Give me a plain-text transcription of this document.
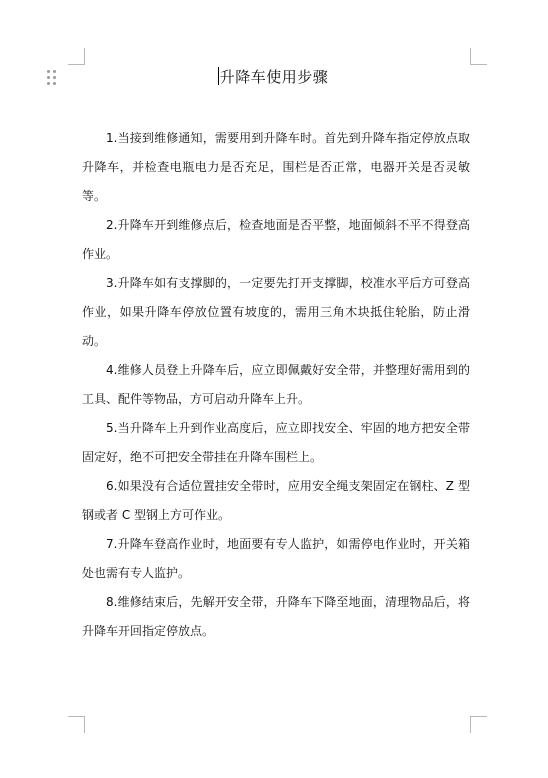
升降车使用步骤

1.当接到维修通知，需要用到升降车时。首先到升降车指定停放点取升降车，并检查电瓶电力是否充足，围栏是否正常，电器开关是否灵敏等。

2.升降车开到维修点后，检查地面是否平整，地面倾斜不平不得登高作业。

3.升降车如有支撑脚的，一定要先打开支撑脚，校准水平后方可登高作业，如果升降车停放位置有坡度的，需用三角木块抵住轮胎，防止滑动。

4.维修人员登上升降车后，应立即佩戴好安全带，并整理好需用到的工具、配件等物品，方可启动升降车上升。

5.当升降车上升到作业高度后，应立即找安全、牢固的地方把安全带固定好，绝不可把安全带挂在升降车围栏上。

6.如果没有合适位置挂安全带时，应用安全绳支架固定在钢柱、Z 型钢或者 C 型钢上方可作业。

7.升降车登高作业时，地面要有专人监护，如需停电作业时，开关箱处也需有专人监护。

8.维修结束后，先解开安全带，升降车下降至地面，清理物品后，将升降车开回指定停放点。
